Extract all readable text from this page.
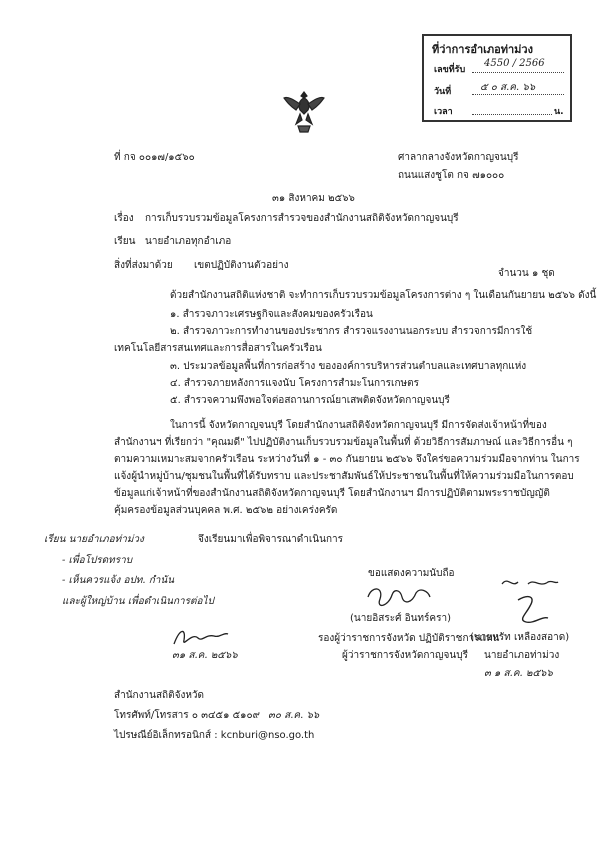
ที่ว่าการอำเภอท่าม่วง
เลขที่รับ
4550 / 2566
วันที่	๕ ๐ ส.ค. ๖๖
เวลา	น.
ที่ กจ ๐๐๑๗/๑๕๖๐	ศาลากลางจังหวัดกาญจนบุรี
ถนนแสงชูโต กจ ๗๑๐๐๐
๓๑ สิงหาคม ๒๕๖๖
เรื่อง การเก็บรวบรวมข้อมูลโครงการสำรวจของสำนักงานสถิติจังหวัดกาญจนบุรี
เรียน นายอำเภอทุกอำเภอ
สิ่งที่ส่งมาด้วย เขตปฏิบัติงานตัวอย่าง
จำนวน ๑ ชุด
ด้วยสำนักงานสถิติแห่งชาติ จะทำการเก็บรวบรวมข้อมูลโครงการต่าง ๆ ในเดือนกันยายน ๒๕๖๖ ดังนี้
๑. สำรวจภาวะเศรษฐกิจและสังคมของครัวเรือน
๒. สำรวจภาวะการทำงานของประชากร สำรวจแรงงานนอกระบบ สำรวจการมีการใช้
เทคโนโลยีสารสนเทศและการสื่อสารในครัวเรือน
๓. ประมวลข้อมูลพื้นที่การก่อสร้าง ขององค์การบริหารส่วนตำบลและเทศบาลทุกแห่ง
๔. สำรวจภายหลังการแจงนับ โครงการสำมะโนการเกษตร
๕. สำรวจความพึงพอใจต่อสถานการณ์ยาเสพติดจังหวัดกาญจนบุรี
ในการนี้ จังหวัดกาญจนบุรี โดยสำนักงานสถิติจังหวัดกาญจนบุรี มีการจัดส่งเจ้าหน้าที่ของ
สำนักงานฯ ที่เรียกว่า "คุณมดี" ไปปฏิบัติงานเก็บรวบรวมข้อมูลในพื้นที่ ด้วยวิธีการสัมภาษณ์ และวิธีการอื่น ๆ
ตามความเหมาะสมจากครัวเรือน ระหว่างวันที่ ๑ - ๓๐ กันยายน ๒๕๖๖ จึงใคร่ขอความร่วมมือจากท่าน ในการ
แจ้งผู้นำหมู่บ้าน/ชุมชนในพื้นที่ได้รับทราบ และประชาสัมพันธ์ให้ประชาชนในพื้นที่ให้ความร่วมมือในการตอบ
ข้อมูลแก่เจ้าหน้าที่ของสำนักงานสถิติจังหวัดกาญจนบุรี โดยสำนักงานฯ มีการปฏิบัติตามพระราชบัญญัติ
คุ้มครองข้อมูลส่วนบุคคล พ.ศ. ๒๕๖๒ อย่างเคร่งครัด
เรียน นายอำเภอท่าม่วง	จึงเรียนมาเพื่อพิจารณาดำเนินการ
- เพื่อโปรดทราบ
- เห็นควรแจ้ง อปท. กำนัน
และผู้ใหญ่บ้าน เพื่อดำเนินการต่อไป
๓๑ ส.ค. ๒๕๖๖
ขอแสดงความนับถือ
(นายอิสระศ์ อินทร์ครา)
รองผู้ว่าราชการจังหวัด ปฏิบัติราชการแทน
ผู้ว่าราชการจังหวัดกาญจนบุรี
(นายหรัท เหลืองสอาด)
นายอำเภอท่าม่วง
๓ ๑ ส.ค. ๒๕๖๖
สำนักงานสถิติจังหวัด
โทรศัพท์/โทรสาร ๐ ๓๔๕๑ ๕๑๐๙ ๓๐ ส.ค. ๖๖
ไปรษณีย์อิเล็กทรอนิกส์ : kcnburi@nso.go.th
